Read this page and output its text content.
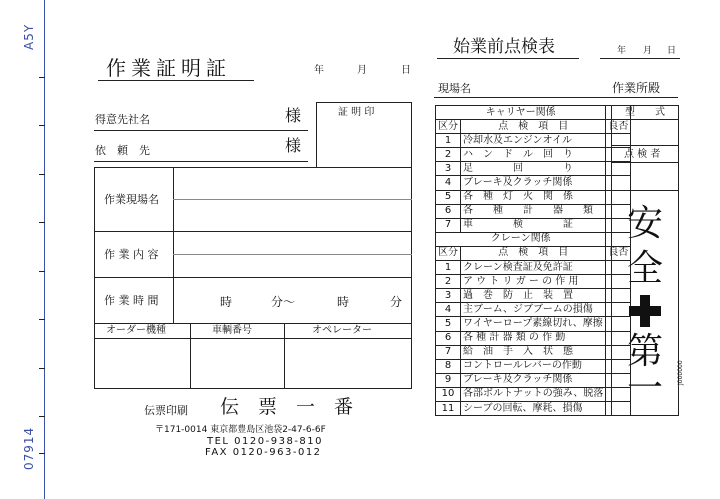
A5Y
07914
作業証明証	年	月	日
得意先社名	様
依　頼　先	様
証 明 印
作業現場名
作 業 内 容
作 業 時 間	時	分～	時	分
オーダー機種	車輌番号	オペレーター
伝票印刷 伝　票　一　番
〒171-0014 東京都豊島区池袋2-47-6-6F
TEL 0120-938-810
FAX 0120-963-012
始業前点検表	年 月 日
現場名	作業所殿
キャリヤー関係		
区分	点　検　項　目	良否
1	冷却水及エンジンオイル	
2	ハ　ン　ド　ル　回　り	
3	足　　　　回　　　　り	
4	ブレーキ及クラッチ関係	
5	各　種　灯　火　関　係	
6	各　　種　　計　　器　　類	
7	車　　　　検　　　　証	
クレーン関係		
区分	点　検　項　目	良否
1	クレーン検査証及免許証	
2	ア ウ ト リ ガ ー の 作 用	
3	過　巻　防　止　装　置	
4	主ブーム、ジブブームの損傷	
5	ワイヤーロープ素線切れ、摩擦	
6	各 種 計 器 類 の 作 動	
7	給　油　手　入　状　態	
8	コントロールレバーの作動	
9	ブレーキ及クラッチ関係	
10	各部ボルトナットの強み、脱落	
11	シーブの回転、摩耗、損傷	
型　　式
点 検 者
安
全
第
一 J000000
